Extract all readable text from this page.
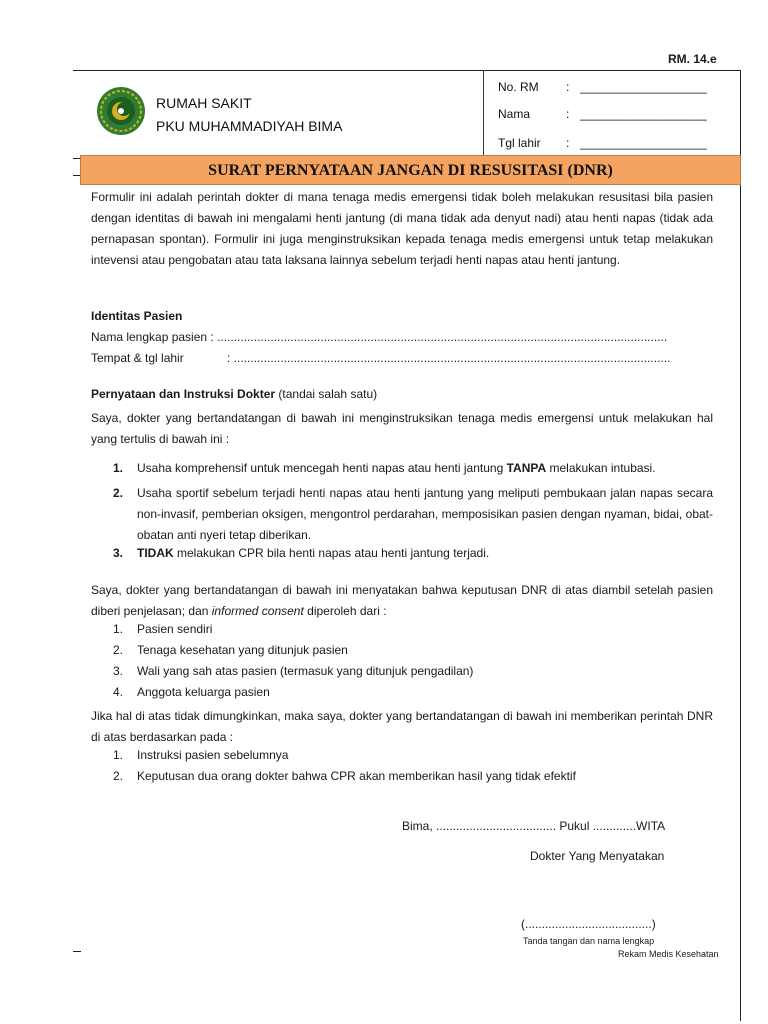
RM. 14.e
RUMAH SAKIT
PKU MUHAMMADIYAH BIMA
No. RM : ___________________
Nama	: ___________________
Tgl lahir : ___________________
SURAT PERNYATAAN JANGAN DI RESUSITASI (DNR)
Formulir ini adalah perintah dokter di mana tenaga medis emergensi tidak boleh melakukan resusitasi bila pasien dengan identitas di bawah ini mengalami henti jantung (di mana tidak ada denyut nadi) atau henti napas (tidak ada pernapasan spontan). Formulir ini juga menginstruksikan kepada tenaga medis emergensi untuk tetap melakukan intevensi atau pengobatan atau tata laksana lainnya sebelum terjadi henti napas atau henti jantung.
Identitas Pasien
Nama lengkap pasien : .......................................................................................................................................
Tempat & tgl lahir	: ...................................................................................................................................
Pernyataan dan Instruksi Dokter (tandai salah satu)
Saya, dokter yang bertandatangan di bawah ini menginstruksikan tenaga medis emergensi untuk melakukan hal yang tertulis di bawah ini :
1. Usaha komprehensif untuk mencegah henti napas atau henti jantung TANPA melakukan intubasi.
2. Usaha sportif sebelum terjadi henti napas atau henti jantung yang meliputi pembukaan jalan napas secara non-invasif, pemberian oksigen, mengontrol perdarahan, memposisikan pasien dengan nyaman, bidai, obat-obatan anti nyeri tetap diberikan.
3. TIDAK melakukan CPR bila henti napas atau henti jantung terjadi.
Saya, dokter yang bertandatangan di bawah ini menyatakan bahwa keputusan DNR di atas diambil setelah pasien diberi penjelasan; dan informed consent diperoleh dari :
1. Pasien sendiri
2. Tenaga kesehatan yang ditunjuk pasien
3. Wali yang sah atas pasien (termasuk yang ditunjuk pengadilan)
4. Anggota keluarga pasien
Jika hal di atas tidak dimungkinkan, maka saya, dokter yang bertandatangan di bawah ini memberikan perintah DNR di atas berdasarkan pada :
1. Instruksi pasien sebelumnya
2. Keputusan dua orang dokter bahwa CPR akan memberikan hasil yang tidak efektif
Bima, .................................... Pukul .............WITA
Dokter Yang Menyatakan
(......................................)
Tanda tangan dan nama lengkap
Rekam Medis Kesehatan
